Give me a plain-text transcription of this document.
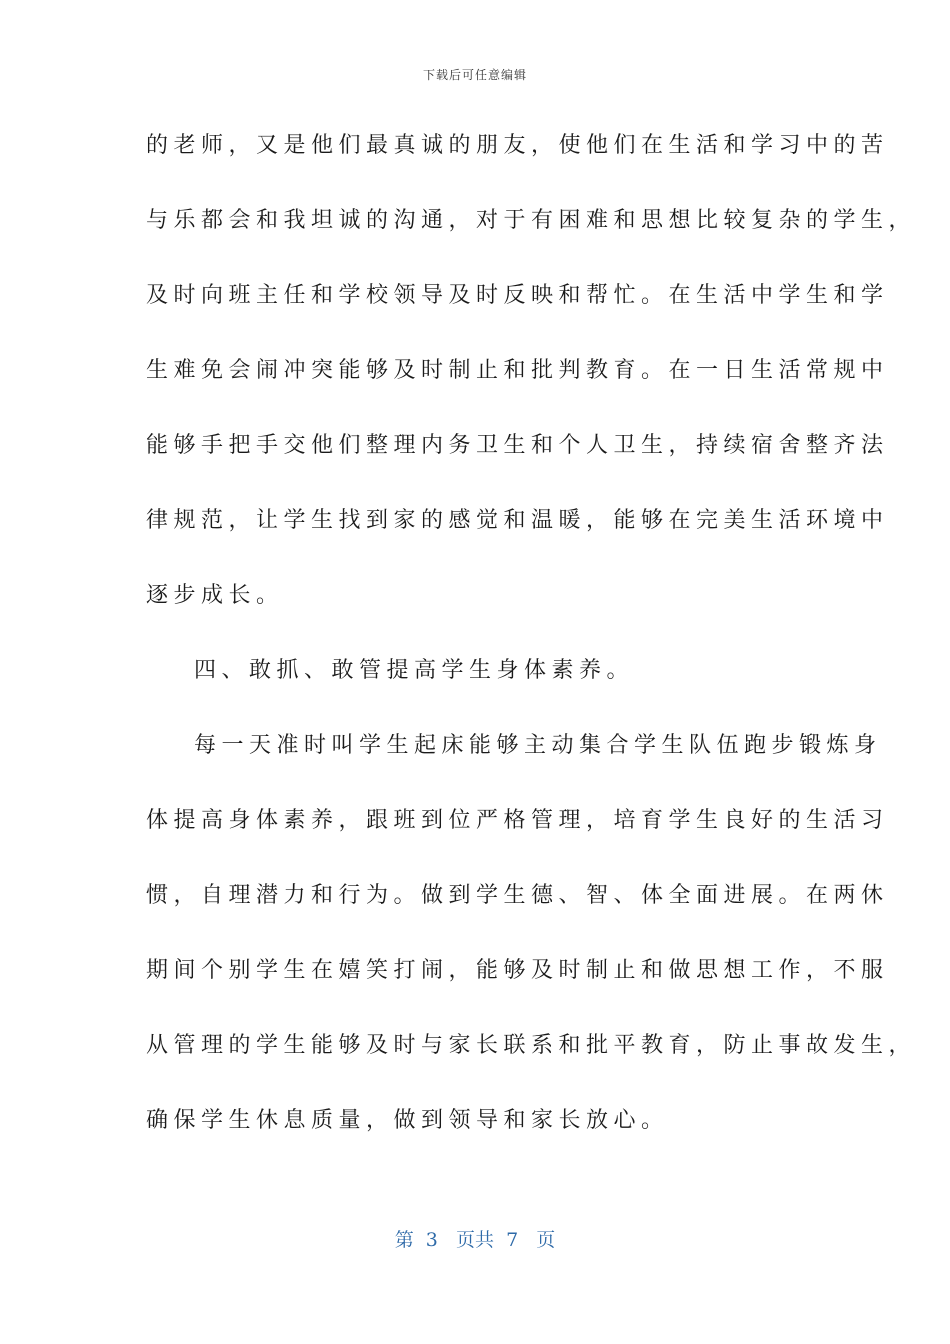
下载后可任意编辑
的老师，又是他们最真诚的朋友，使他们在生活和学习中的苦
与乐都会和我坦诚的沟通，对于有困难和思想比较复杂的学生，
及时向班主任和学校领导及时反映和帮忙。在生活中学生和学
生难免会闹冲突能够及时制止和批判教育。在一日生活常规中
能够手把手交他们整理内务卫生和个人卫生，持续宿舍整齐法
律规范，让学生找到家的感觉和温暖，能够在完美生活环境中
逐步成长。
四、敢抓、敢管提高学生身体素养。
每一天准时叫学生起床能够主动集合学生队伍跑步锻炼身
体提高身体素养，跟班到位严格管理，培育学生良好的生活习
惯，自理潜力和行为。做到学生德、智、体全面进展。在两休
期间个别学生在嬉笑打闹，能够及时制止和做思想工作，不服
从管理的学生能够及时与家长联系和批平教育，防止事故发生，
确保学生休息质量，做到领导和家长放心。
第  3   页共  7   页
